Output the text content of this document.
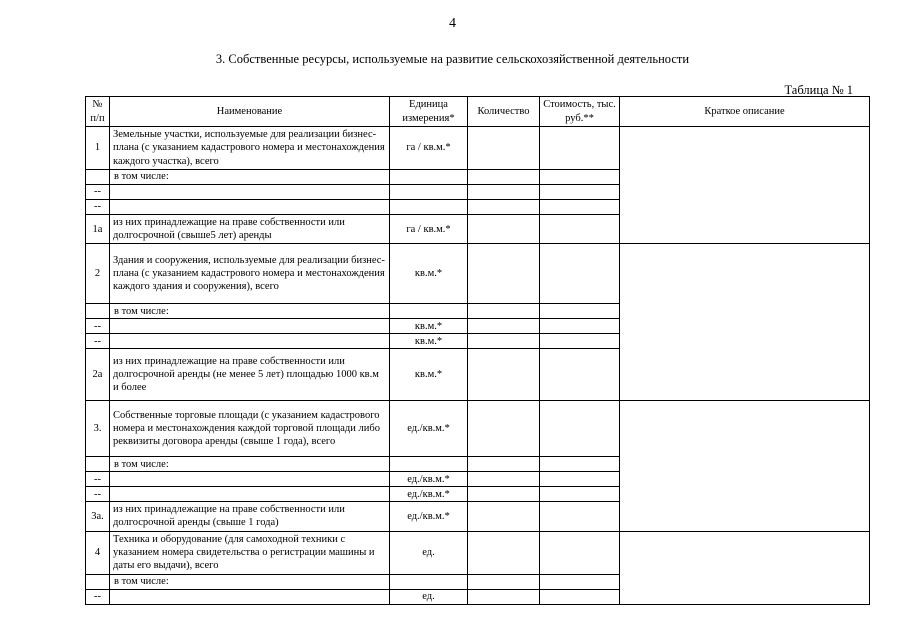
4
3. Собственные ресурсы, используемые на развитие сельскохозяйственной деятельности
Таблица № 1
№ п/п	Наименование	Единица измерения*	Количество	Стоимость, тыс. руб.**	Краткое описание
1	Земельные участки, используемые для реализации бизнес-плана (с указанием кадастрового номера и местонахождения каждого участка), всего	га / кв.м.*			
	в том числе:				
--					
--					
1а	из них принадлежащие на праве собственности или долгосрочной (свыше5 лет) аренды	га / кв.м.*			
2	Здания и сооружения, используемые для реализации бизнес-плана (с указанием кадастрового номера и местонахождения каждого здания и сооружения), всего	кв.м.*			
	в том числе:				
--		кв.м.*			
--		кв.м.*			
2а	из них принадлежащие на праве собственности или долгосрочной аренды (не менее 5 лет) площадью 1000 кв.м и более	кв.м.*			
3.	Собственные торговые площади (с указанием кадастрового номера и местонахождения каждой торговой площади либо реквизиты договора аренды (свыше 1 года), всего	ед./кв.м.*			
	в том числе:				
--		ед./кв.м.*			
--		ед./кв.м.*			
3а.	из них принадлежащие на праве собственности или долгосрочной аренды (свыше 1 года)	ед./кв.м.*			
4	Техника и оборудование (для самоходной техники с указанием номера свидетельства о регистрации машины и даты его выдачи), всего	ед.			
	в том числе:				
--		ед.			
